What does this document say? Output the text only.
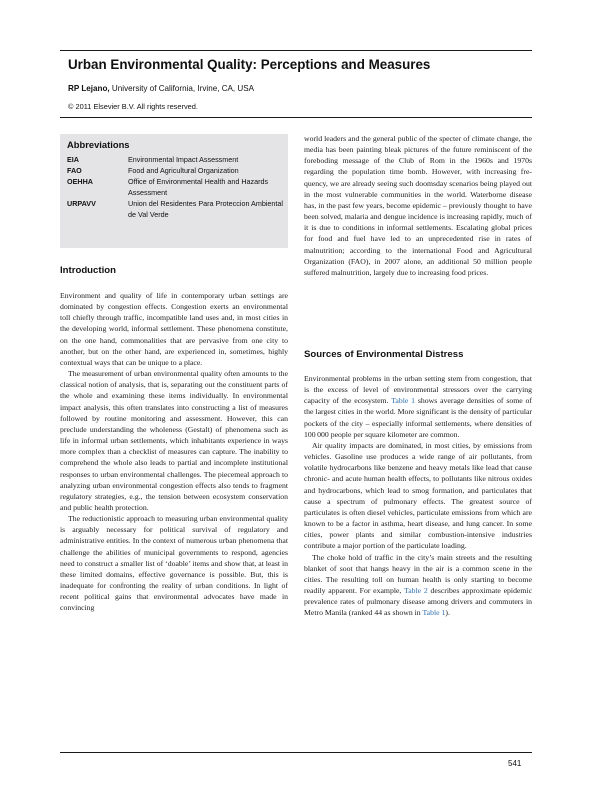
Urban Environmental Quality: Perceptions and Measures
RP Lejano, University of California, Irvine, CA, USA
© 2011 Elsevier B.V. All rights reserved.
Abbreviations
EIA	Environmental Impact Assessment
FAO	Food and Agricultural Organization
OEHHA	Office of Environmental Health and Hazards Assessment
URPAVV	Union del Residentes Para Proteccion Ambiental de Val Verde
Introduction

Environment and quality of life in contemporary urban settings are dominated by congestion effects. Congestion exerts an environmental toll chiefly through traffic, incompatible land uses and, in most cities in the developing world, informal settlement. These phenomena constitute, on the one hand, commonalities that are pervasive from one city to another, but on the other hand, are experienced in, sometimes, highly contextual ways that can be unique to a place.

The measurement of urban environmental quality often amounts to the classical notion of analysis, that is, separating out the constituent parts of the whole and examining these items individually. In environmental impact analysis, this often translates into constructing a list of measures followed by routine monitoring and assessment. However, this can preclude understanding the wholeness (Gestalt) of phenomena such as life in informal urban settlements, which inhabitants experience in ways more complex than a checklist of measures can capture. The inability to comprehend the whole also leads to partial and incomplete institutional responses to urban environmental challenges. The piecemeal approach to analyzing urban environmental congestion effects also tends to fragment regulatory strategies, e.g., the tension between ecosystem conservation and public health protection.

The reductionistic approach to measuring urban environmental quality is arguably necessary for political survival of regulatory and administrative entities. In the context of numerous urban phenomena that challenge the abilities of municipal governments to respond, agencies need to construct a smaller list of ‘doable’ items and show that, at least in these limited domains, effective governance is possible. But, this is inadequate for confronting the reality of urban conditions. In light of recent political gains that environmental advocates have made in convincing

world leaders and the general public of the specter of climate change, the media has been painting bleak pictures of the future reminiscent of the foreboding message of the Club of Rom in the 1960s and 1970s regarding the population time bomb. However, with increasing frequency, we are already seeing such doomsday scenarios being played out in the most vulnerable communities in the world. Waterborne disease has, in the past few years, become epidemic – previously thought to have been solved, malaria and dengue incidence is increasing rapidly, much of it is due to conditions in informal settlements. Escalating global prices for food and fuel have led to an unprecedented rise in rates of malnutrition; according to the international Food and Agricultural Organization (FAO), in 2007 alone, an additional 50 million people suffered malnutrition, largely due to increasing food prices.

Sources of Environmental Distress

Environmental problems in the urban setting stem from congestion, that is the excess of level of environmental stressors over the carrying capacity of the ecosystem. Table 1 shows average densities of some of the largest cities in the world. More significant is the density of particular pockets of the city – especially informal settlements, where densities of 100 000 people per square kilometer are common.

Air quality impacts are dominated, in most cities, by emissions from vehicles. Gasoline use produces a wide range of air pollutants, from volatile hydrocarbons like benzene and heavy metals like lead that cause chronic- and acute human health effects, to pollutants like nitrous oxides and hydrocarbons, which lead to smog formation, and particulates that cause a spectrum of pulmonary effects. The greatest source of particulates is often diesel vehicles, particulate emissions from which are known to be a factor in asthma, heart disease, and lung cancer. In some cities, power plants and similar combustion-intensive industries contribute a major portion of the particulate loading.

The choke hold of traffic in the city’s main streets and the resulting blanket of soot that hangs heavy in the air is a common scene in the cities. The resulting toll on human health is only starting to become readily apparent. For example, Table 2 describes approximate epidemic prevalence rates of pulmonary disease among drivers and commuters in Metro Manila (ranked 44 as shown in Table 1).

541
